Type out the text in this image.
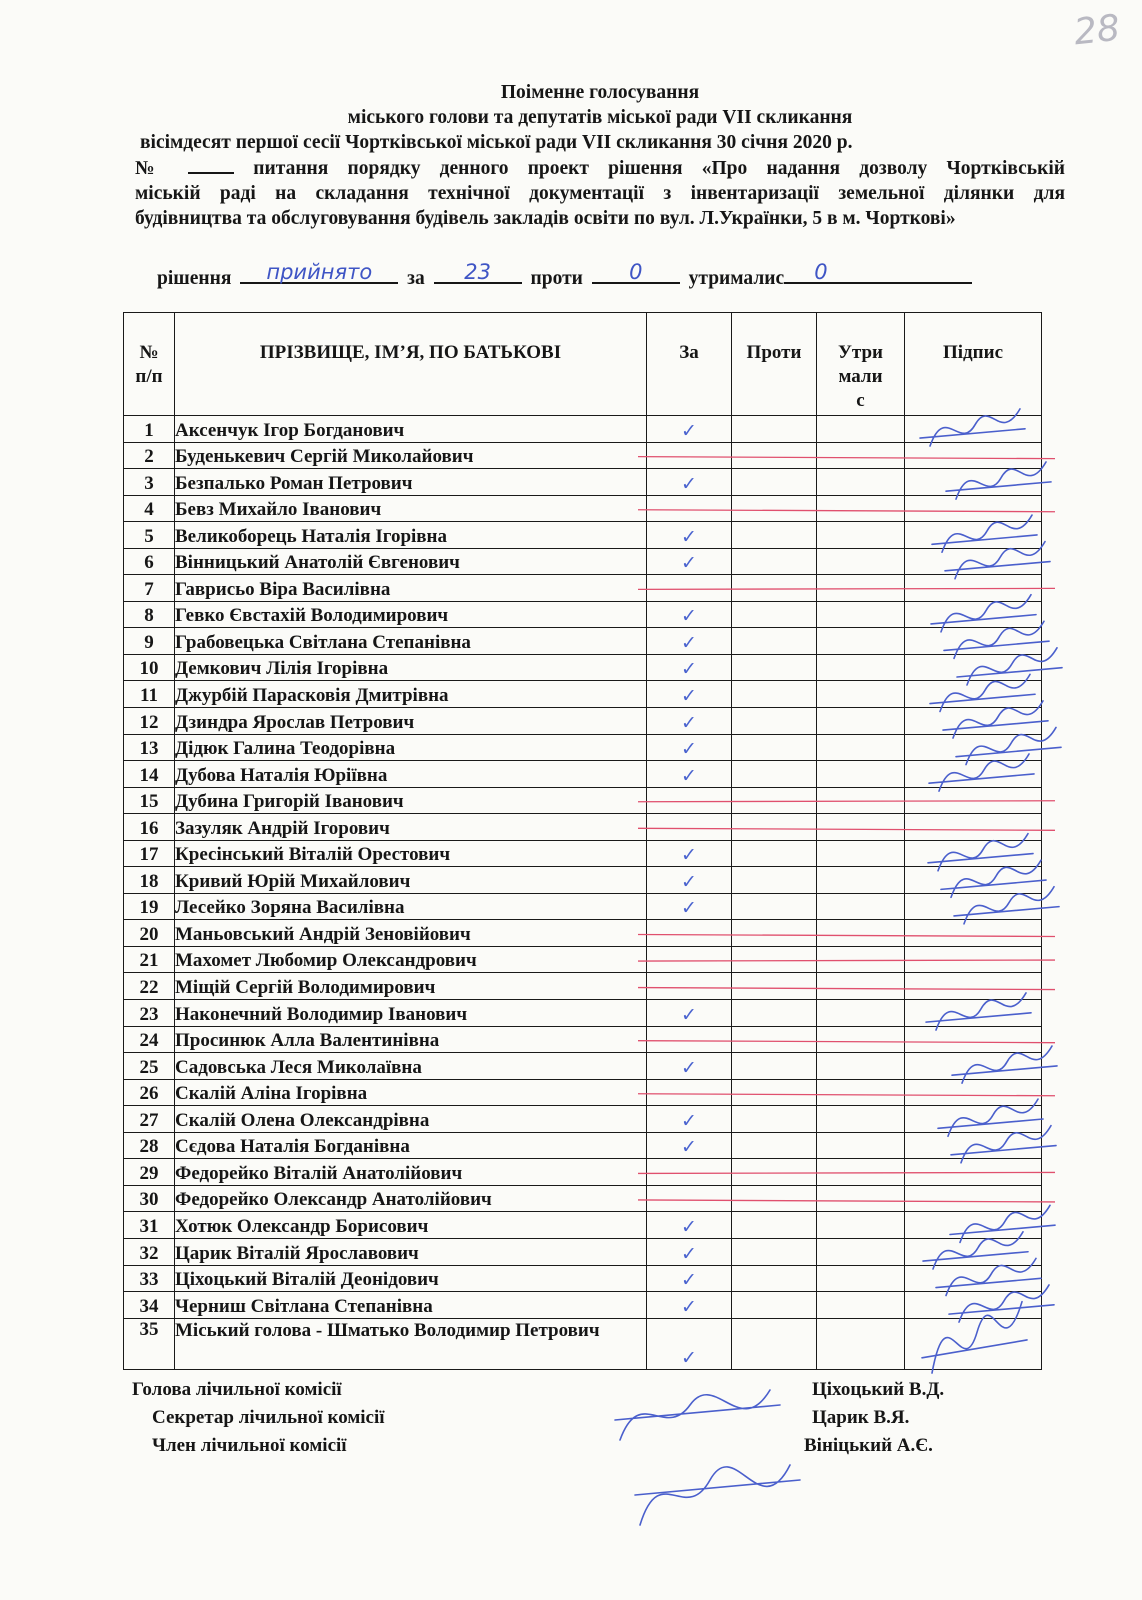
28
Поіменне голосування
міського голови та депутатів міської ради VII скликання
вісімдесят першої сесії Чортківської міської ради VII скликання 30 січня 2020 р.
№	питання порядку денного проект рішення «Про надання дозволу Чортківській
міській раді на складання технічної документації з інвентаризації земельної ділянки для
будівництва та обслуговування будівель закладів освіти по вул. Л.Українки, 5 в м. Чорткові»
рішення	прийнято	за	23	проти	0	утрималис	0
№ п/п	ПРІЗВИЩЕ, ІМ’Я, ПО БАТЬКОВІ	За	Проти	Утрималис	Підпис
1	Аксенчук Ігор Богданович	✓			
2	Буденькевич Сергій Миколайович				
3	Безпалько Роман Петрович	✓			
4	Бевз Михайло Іванович				
5	Великоборець Наталія Ігорівна	✓			
6	Вінницький Анатолій Євгенович	✓			
7	Гаврисьо Віра Василівна				
8	Гевко Євстахій Володимирович	✓			
9	Грабовецька Світлана Степанівна	✓			
10	Демкович Лілія Ігорівна	✓			
11	Джурбій Парасковія Дмитрівна	✓			
12	Дзиндра Ярослав Петрович	✓			
13	Дідюк Галина Теодорівна	✓			
14	Дубова Наталія Юріївна	✓			
15	Дубина Григорій Іванович				
16	Зазуляк Андрій Ігорович				
17	Кресінський Віталій Орестович	✓			
18	Кривий Юрій Михайлович	✓			
19	Лесейко Зоряна Василівна	✓			
20	Маньовський Андрій Зеновійович				
21	Махомет Любомир Олександрович				
22	Міщій Сергій Володимирович				
23	Наконечний Володимир Іванович	✓			
24	Просинюк Алла Валентинівна				
25	Садовська Леся Миколаївна	✓			
26	Скалій Аліна Ігорівна				
27	Скалій Олена Олександрівна	✓			
28	Сєдова Наталія Богданівна	✓			
29	Федорейко Віталій Анатолійович				
30	Федорейко Олександр Анатолійович				
31	Хотюк Олександр Борисович	✓			
32	Царик Віталій Ярославович	✓			
33	Ціхоцький Віталій Деонідович	✓			
34	Черниш Світлана Степанівна	✓			
35	Міський голова - Шматько Володимир Петрович	✓			
Голова лічильної комісії
Секретар лічильної комісії
Член лічильної комісії
Ціхоцький В.Д.
Царик В.Я.
Вініцький А.Є.
